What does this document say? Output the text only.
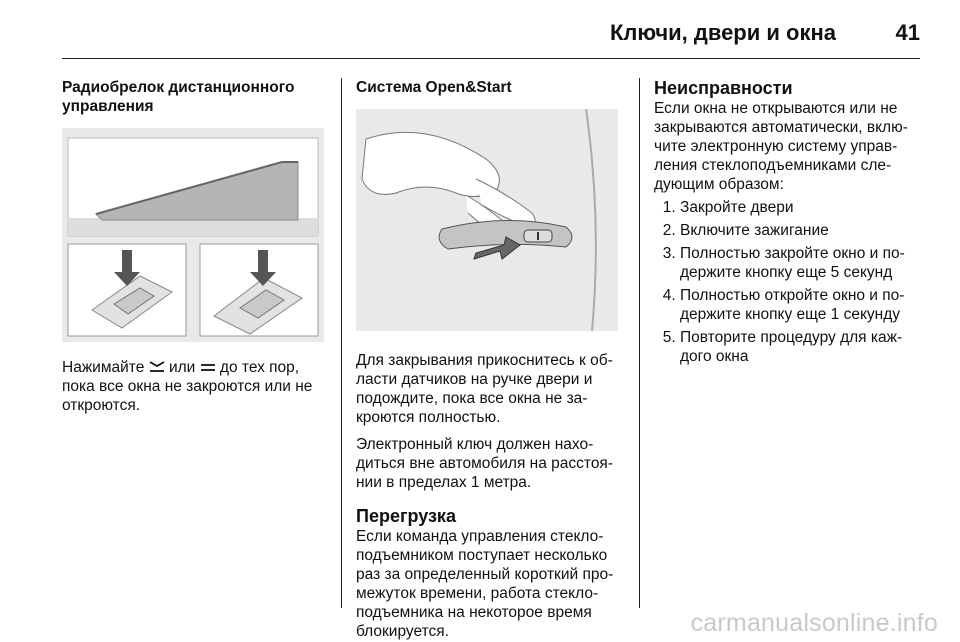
Ключи, двери и окна	41

Радиобрелок дистанционного управления

Нажимайте  или  до тех пор, пока все окна не закроются или не откроются.

Система Open&Start

Для закрывания прикоснитесь к об-ласти датчиков на ручке двери и подождите, пока все окна не за-кроются полностью.

Электронный ключ должен нахо-диться вне автомобиля на расстоя-нии в пределах 1 метра.

Перегрузка

Если команда управления стекло-подъемником поступает несколько раз за определенный короткий про-межуток времени, работа стекло-подъемника на некоторое время блокируется.

Неисправности

Если окна не открываются или не закрываются автоматически, вклю-чите электронную систему управ-ления стеклоподъемниками сле-дующим образом:

1. Закройте двери
2. Включите зажигание
3. Полностью закройте окно и по-держите кнопку еще 5 секунд
4. Полностью откройте окно и по-держите кнопку еще 1 секунду
5. Повторите процедуру для каж-дого окна
carmanualsonline.info
